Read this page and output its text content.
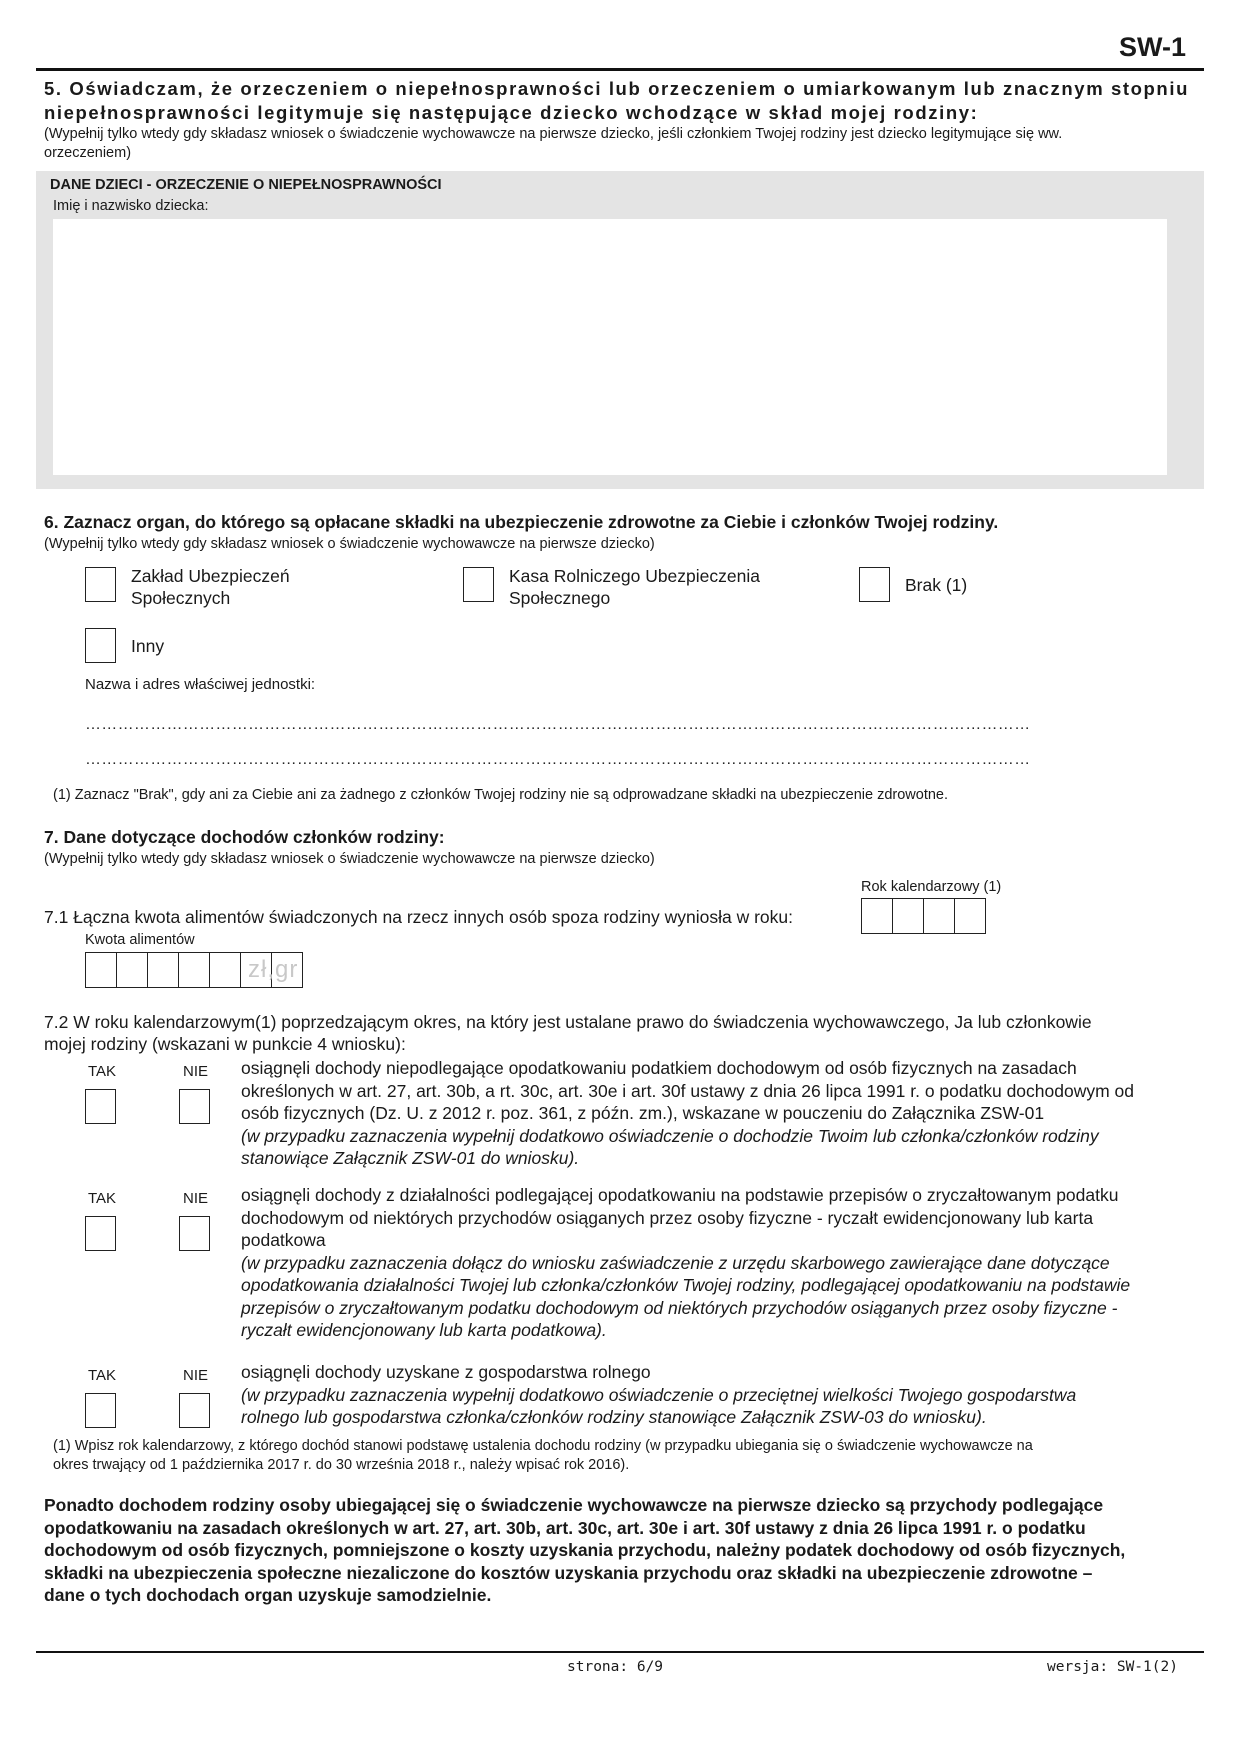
SW-1
5. Oświadczam, że orzeczeniem o niepełnosprawności lub orzeczeniem o umiarkowanym lub znacznym stopniu
niepełnosprawności legitymuje się następujące dziecko wchodzące w skład mojej rodziny:
(Wypełnij tylko wtedy gdy składasz wniosek o świadczenie wychowawcze na pierwsze dziecko, jeśli członkiem Twojej rodziny jest dziecko legitymujące się ww.
orzeczeniem)
DANE DZIECI - ORZECZENIE O NIEPEŁNOSPRAWNOŚCI
Imię i nazwisko dziecka:
6. Zaznacz organ, do którego są opłacane składki na ubezpieczenie zdrowotne za Ciebie i członków Twojej rodziny.
(Wypełnij tylko wtedy gdy składasz wniosek o świadczenie wychowawcze na pierwsze dziecko)
Zakład Ubezpieczeń
Społecznych
Kasa Rolniczego Ubezpieczenia
Społecznego
Brak (1)
Inny
Nazwa i adres właściwej jednostki:
…………………………………………………………………………………………………………………………………………………………
…………………………………………………………………………………………………………………………………………………………
(1) Zaznacz "Brak", gdy ani za Ciebie ani za żadnego z członków Twojej rodziny nie są odprowadzane składki na ubezpieczenie zdrowotne.
7. Dane dotyczące dochodów członków rodziny:
(Wypełnij tylko wtedy gdy składasz wniosek o świadczenie wychowawcze na pierwsze dziecko)
Rok kalendarzowy (1)
7.1 Łączna kwota alimentów świadczonych na rzecz innych osób spoza rodziny wyniosła w roku:
Kwota alimentów
zł,gr
7.2 W roku kalendarzowym(1) poprzedzającym okres, na który jest ustalane prawo do świadczenia wychowawczego, Ja lub członkowie
mojej rodziny (wskazani w punkcie 4 wniosku):
TAK	NIE osiągnęli dochody niepodlegające opodatkowaniu podatkiem dochodowym od osób fizycznych na zasadach
określonych w art. 27, art. 30b, a rt. 30c, art. 30e i art. 30f ustawy z dnia 26 lipca 1991 r. o podatku dochodowym od
osób fizycznych (Dz. U. z 2012 r. poz. 361, z późn. zm.), wskazane w pouczeniu do Załącznika ZSW-01
(w przypadku zaznaczenia wypełnij dodatkowo oświadczenie o dochodzie Twoim lub członka/członków rodziny
stanowiące Załącznik ZSW-01 do wniosku).
TAK	NIE osiągnęli dochody z działalności podlegającej opodatkowaniu na podstawie przepisów o zryczałtowanym podatku
dochodowym od niektórych przychodów osiąganych przez osoby fizyczne - ryczałt ewidencjonowany lub karta
podatkowa
(w przypadku zaznaczenia dołącz do wniosku zaświadczenie z urzędu skarbowego zawierające dane dotyczące
opodatkowania działalności Twojej lub członka/członków Twojej rodziny, podlegającej opodatkowaniu na podstawie
przepisów o zryczałtowanym podatku dochodowym od niektórych przychodów osiąganych przez osoby fizyczne -
ryczałt ewidencjonowany lub karta podatkowa).
TAK	NIE osiągnęli dochody uzyskane z gospodarstwa rolnego
(w przypadku zaznaczenia wypełnij dodatkowo oświadczenie o przeciętnej wielkości Twojego gospodarstwa
rolnego lub gospodarstwa członka/członków rodziny stanowiące Załącznik ZSW-03 do wniosku).
(1) Wpisz rok kalendarzowy, z którego dochód stanowi podstawę ustalenia dochodu rodziny (w przypadku ubiegania się o świadczenie wychowawcze na
okres trwający od 1 października 2017 r. do 30 września 2018 r., należy wpisać rok 2016).
Ponadto dochodem rodziny osoby ubiegającej się o świadczenie wychowawcze na pierwsze dziecko są przychody podlegające
opodatkowaniu na zasadach określonych w art. 27, art. 30b, art. 30c, art. 30e i art. 30f ustawy z dnia 26 lipca 1991 r. o podatku
dochodowym od osób fizycznych, pomniejszone o koszty uzyskania przychodu, należny podatek dochodowy od osób fizycznych,
składki na ubezpieczenia społeczne niezaliczone do kosztów uzyskania przychodu oraz składki na ubezpieczenie zdrowotne –
dane o tych dochodach organ uzyskuje samodzielnie.
strona: 6/9	wersja: SW-1(2)
